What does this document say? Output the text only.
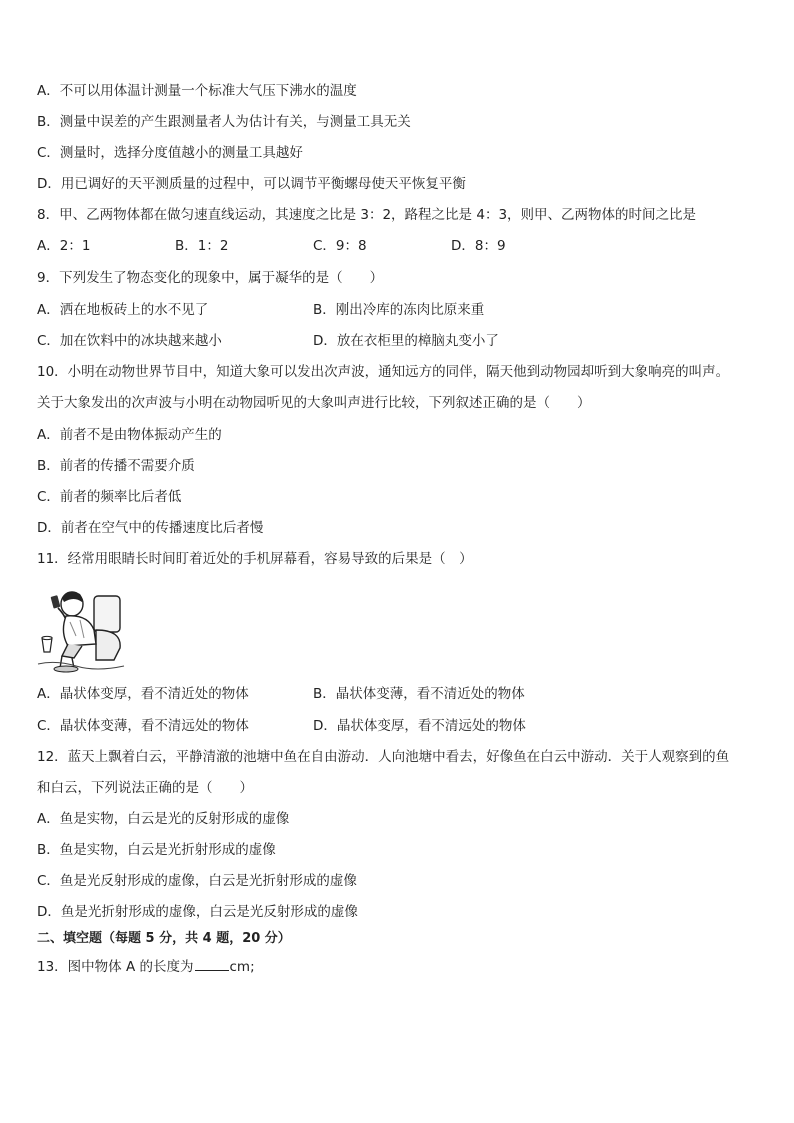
A．不可以用体温计测量一个标准大气压下沸水的温度
B．测量中误差的产生跟测量者人为估计有关，与测量工具无关
C．测量时，选择分度值越小的测量工具越好
D．用已调好的天平测质量的过程中，可以调节平衡螺母使天平恢复平衡
8．甲、乙两物体都在做匀速直线运动，其速度之比是 3：2，路程之比是 4：3，则甲、乙两物体的时间之比是
A．2：1	B．1：2	C．9：8	D．8：9
9．下列发生了物态变化的现象中，属于凝华的是（　　）
A．洒在地板砖上的水不见了	B．刚出冷库的冻肉比原来重
C．加在饮料中的冰块越来越小	D．放在衣柜里的樟脑丸变小了
10．小明在动物世界节目中，知道大象可以发出次声波，通知远方的同伴，隔天他到动物园却听到大象响亮的叫声。
关于大象发出的次声波与小明在动物园听见的大象叫声进行比较，下列叙述正确的是（　　）
A．前者不是由物体振动产生的
B．前者的传播不需要介质
C．前者的频率比后者低
D．前者在空气中的传播速度比后者慢
11．经常用眼睛长时间盯着近处的手机屏幕看，容易导致的后果是（　）
A．晶状体变厚，看不清近处的物体	B．晶状体变薄，看不清近处的物体
C．晶状体变薄，看不清远处的物体	D．晶状体变厚，看不清远处的物体
12．蓝天上飘着白云，平静清澈的池塘中鱼在自由游动．人向池塘中看去，好像鱼在白云中游动．关于人观察到的鱼
和白云，下列说法正确的是（　　）
A．鱼是实物，白云是光的反射形成的虚像
B．鱼是实物，白云是光折射形成的虚像
C．鱼是光反射形成的虚像，白云是光折射形成的虚像
D．鱼是光折射形成的虚像，白云是光反射形成的虚像
二、填空题（每题 5 分，共 4 题，20 分）
13．图中物体 A 的长度为	cm;
